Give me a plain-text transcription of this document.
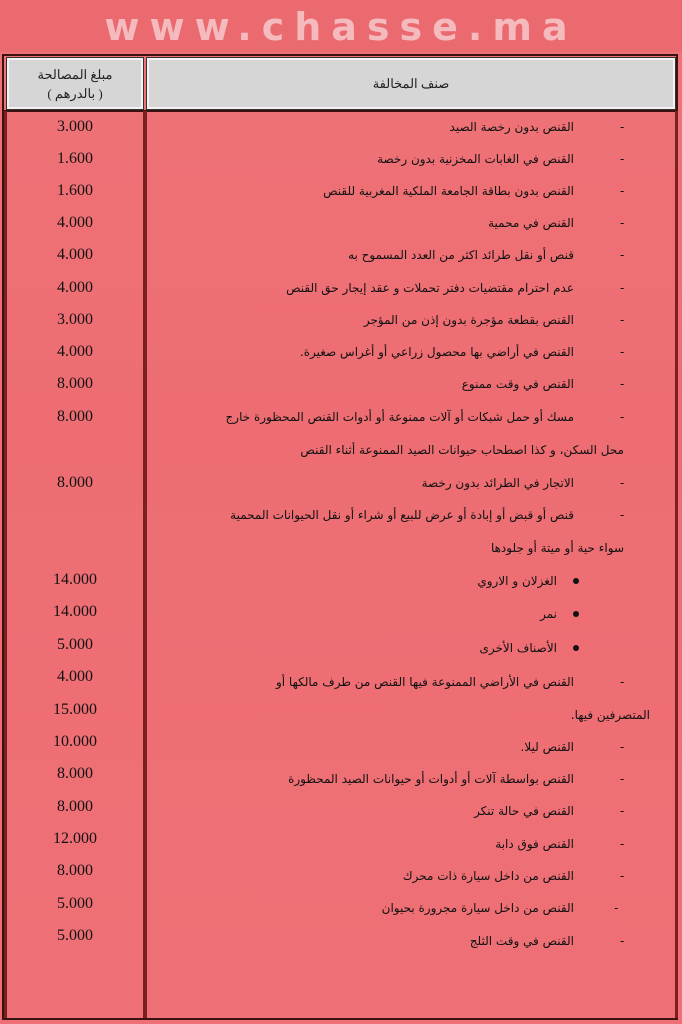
www.chasse.ma
مبلغ المصالحة
( بالدرهم )
صنف المخالفة
3.000	القنص بدون رخصة الصيد	-
1.600	القنص في الغابات المخزنية بدون رخصة	-
1.600	القنص بدون بطاقة الجامعة الملكية المغربية للقنص	-
4.000	القنص في محمية	-
4.000	قنص أو نقل طرائد اكثر من العدد المسموح به	-
4.000	عدم احترام مقتضيات دفتر تحملات و عقد إيجار حق القنص	-
3.000	القنص بقطعة مؤجرة بدون إذن من المؤجر	-
4.000	القنص في أراضي بها محصول زراعي أو أغراس صغيرة.	-
8.000	القنص في وقت ممنوع	-
8.000	مسك أو حمل شبكات أو آلات ممنوعة أو أدوات القنص المحظورة خارج	-
محل السكن، و كذا اصطحاب حيوانات الصيد الممنوعة أثناء القنص
8.000	الاتجار في الطرائد بدون رخصة	-
قنص أو قبض أو إبادة أو عرض للبيع أو شراء أو نقل الحيوانات المحمية	-
سواء حية أو ميتة أو جلودها
14.000	الغزلان و الاروي
14.000	نمر
5.000	الأصناف الأخرى
4.000	القنص في الأراضي الممنوعة فيها القنص من طرف مالكها أو	-
15.000	المتصرفين فيها.
10.000	القنص ليلا.	-
8.000	القنص بواسطة آلات أو أدوات أو حيوانات الصيد المحظورة	-
8.000	القنص في حالة تنكر	-
12.000	القنص فوق دابة	-
8.000	القنص من داخل سيارة ذات محرك	-
5.000	القنص من داخل سيارة مجرورة بحيوان	-
5.000	القنص في وقت الثلج	-
